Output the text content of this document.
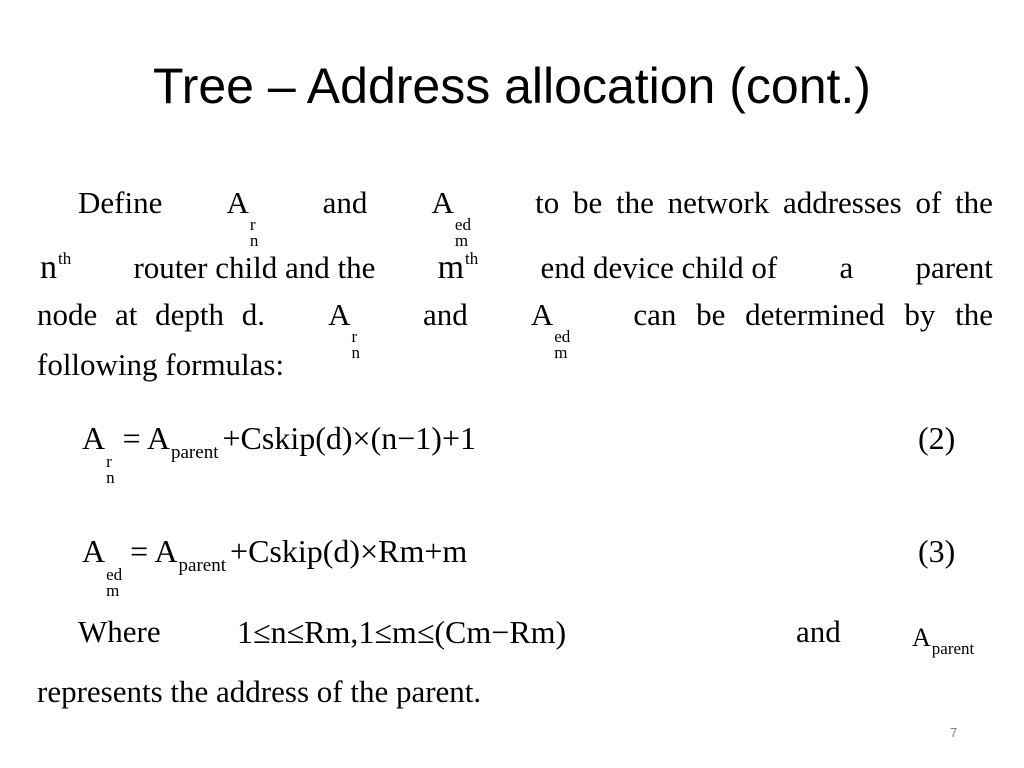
Tree – Address allocation (cont.)
Define A
r
n
and A
ed
m
to be the network addresses of the
$n^{th}$ router child and the $m^{th}$ end device child of a parent
node at depth d. A
r
n
and A
ed
m
can be determined by the
following formulas:
A
r
n
= $A_{parent}$ +Cskip(d)×(n−1)+1	(2)
A
ed
m
= $A_{parent}$ +Cskip(d)×Rm+m	(3)
Where 1≤n≤Rm,1≤m≤(Cm−Rm)	and	$A_{parent}$
represents the address of the parent.
7
